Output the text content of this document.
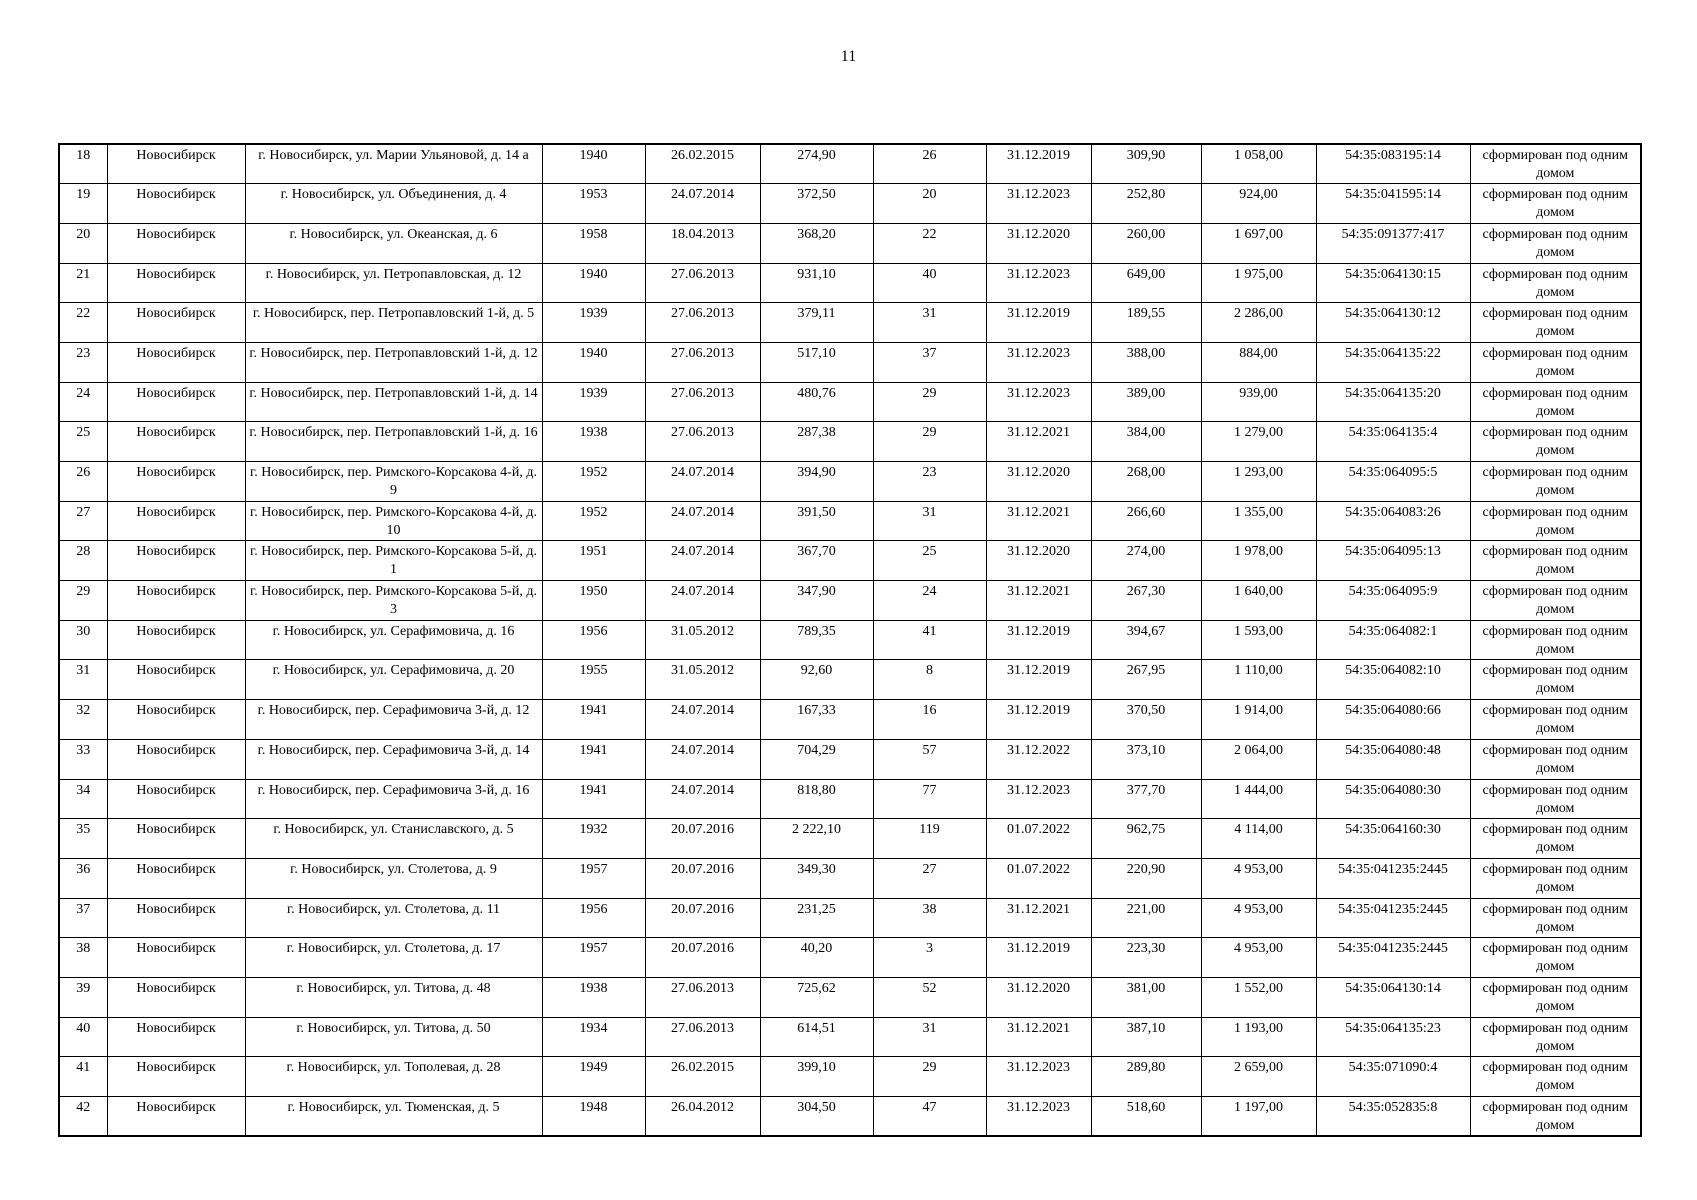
11
18	Новосибирск	г. Новосибирск, ул. Марии Ульяновой, д. 14 а	1940	26.02.2015	274,90	26	31.12.2019	309,90	1 058,00	54:35:083195:14	сформирован под одним домом
19	Новосибирск	г. Новосибирск, ул. Объединения, д. 4	1953	24.07.2014	372,50	20	31.12.2023	252,80	924,00	54:35:041595:14	сформирован под одним домом
20	Новосибирск	г. Новосибирск, ул. Океанская, д. 6	1958	18.04.2013	368,20	22	31.12.2020	260,00	1 697,00	54:35:091377:417	сформирован под одним домом
21	Новосибирск	г. Новосибирск, ул. Петропавловская, д. 12	1940	27.06.2013	931,10	40	31.12.2023	649,00	1 975,00	54:35:064130:15	сформирован под одним домом
22	Новосибирск	г. Новосибирск, пер. Петропавловский 1-й, д. 5	1939	27.06.2013	379,11	31	31.12.2019	189,55	2 286,00	54:35:064130:12	сформирован под одним домом
23	Новосибирск	г. Новосибирск, пер. Петропавловский 1-й, д. 12	1940	27.06.2013	517,10	37	31.12.2023	388,00	884,00	54:35:064135:22	сформирован под одним домом
24	Новосибирск	г. Новосибирск, пер. Петропавловский 1-й, д. 14	1939	27.06.2013	480,76	29	31.12.2023	389,00	939,00	54:35:064135:20	сформирован под одним домом
25	Новосибирск	г. Новосибирск, пер. Петропавловский 1-й, д. 16	1938	27.06.2013	287,38	29	31.12.2021	384,00	1 279,00	54:35:064135:4	сформирован под одним домом
26	Новосибирск	г. Новосибирск, пер. Римского-Корсакова 4-й, д. 9	1952	24.07.2014	394,90	23	31.12.2020	268,00	1 293,00	54:35:064095:5	сформирован под одним домом
27	Новосибирск	г. Новосибирск, пер. Римского-Корсакова 4-й, д. 10	1952	24.07.2014	391,50	31	31.12.2021	266,60	1 355,00	54:35:064083:26	сформирован под одним домом
28	Новосибирск	г. Новосибирск, пер. Римского-Корсакова 5-й, д. 1	1951	24.07.2014	367,70	25	31.12.2020	274,00	1 978,00	54:35:064095:13	сформирован под одним домом
29	Новосибирск	г. Новосибирск, пер. Римского-Корсакова 5-й, д. 3	1950	24.07.2014	347,90	24	31.12.2021	267,30	1 640,00	54:35:064095:9	сформирован под одним домом
30	Новосибирск	г. Новосибирск, ул. Серафимовича, д. 16	1956	31.05.2012	789,35	41	31.12.2019	394,67	1 593,00	54:35:064082:1	сформирован под одним домом
31	Новосибирск	г. Новосибирск, ул. Серафимовича, д. 20	1955	31.05.2012	92,60	8	31.12.2019	267,95	1 110,00	54:35:064082:10	сформирован под одним домом
32	Новосибирск	г. Новосибирск, пер. Серафимовича 3-й, д. 12	1941	24.07.2014	167,33	16	31.12.2019	370,50	1 914,00	54:35:064080:66	сформирован под одним домом
33	Новосибирск	г. Новосибирск, пер. Серафимовича 3-й, д. 14	1941	24.07.2014	704,29	57	31.12.2022	373,10	2 064,00	54:35:064080:48	сформирован под одним домом
34	Новосибирск	г. Новосибирск, пер. Серафимовича 3-й, д. 16	1941	24.07.2014	818,80	77	31.12.2023	377,70	1 444,00	54:35:064080:30	сформирован под одним домом
35	Новосибирск	г. Новосибирск, ул. Станиславского, д. 5	1932	20.07.2016	2 222,10	119	01.07.2022	962,75	4 114,00	54:35:064160:30	сформирован под одним домом
36	Новосибирск	г. Новосибирск, ул. Столетова, д. 9	1957	20.07.2016	349,30	27	01.07.2022	220,90	4 953,00	54:35:041235:2445	сформирован под одним домом
37	Новосибирск	г. Новосибирск, ул. Столетова, д. 11	1956	20.07.2016	231,25	38	31.12.2021	221,00	4 953,00	54:35:041235:2445	сформирован под одним домом
38	Новосибирск	г. Новосибирск, ул. Столетова, д. 17	1957	20.07.2016	40,20	3	31.12.2019	223,30	4 953,00	54:35:041235:2445	сформирован под одним домом
39	Новосибирск	г. Новосибирск, ул. Титова, д. 48	1938	27.06.2013	725,62	52	31.12.2020	381,00	1 552,00	54:35:064130:14	сформирован под одним домом
40	Новосибирск	г. Новосибирск, ул. Титова, д. 50	1934	27.06.2013	614,51	31	31.12.2021	387,10	1 193,00	54:35:064135:23	сформирован под одним домом
41	Новосибирск	г. Новосибирск, ул. Тополевая, д. 28	1949	26.02.2015	399,10	29	31.12.2023	289,80	2 659,00	54:35:071090:4	сформирован под одним домом
42	Новосибирск	г. Новосибирск, ул. Тюменская, д. 5	1948	26.04.2012	304,50	47	31.12.2023	518,60	1 197,00	54:35:052835:8	сформирован под одним домом
